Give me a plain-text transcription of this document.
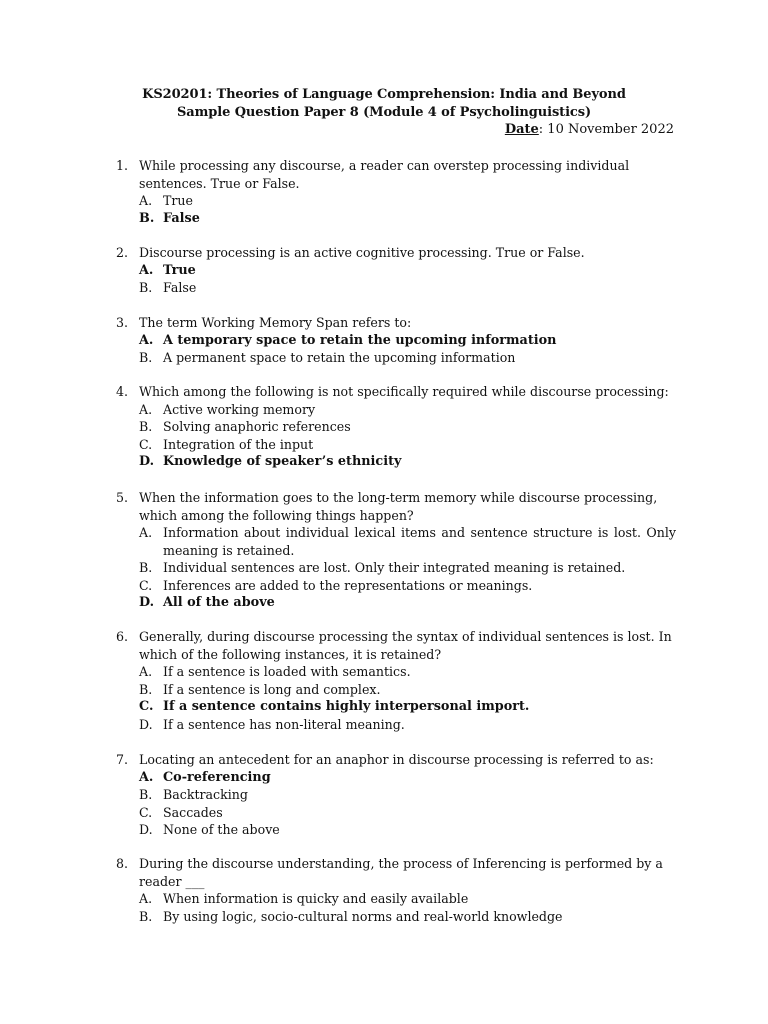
KS20201: Theories of Language Comprehension: India and Beyond
Sample Question Paper 8 (Module 4 of Psycholinguistics)
Date: 10 November 2022
1. While processing any discourse, a reader can overstep processing individual sentences. True or False.
A. True
B. False
2. Discourse processing is an active cognitive processing. True or False.
A. True
B. False
3. The term Working Memory Span refers to:
A. A temporary space to retain the upcoming information
B. A permanent space to retain the upcoming information
4. Which among the following is not specifically required while discourse processing:
A. Active working memory
B. Solving anaphoric references
C. Integration of the input
D. Knowledge of speaker’s ethnicity
5. When the information goes to the long-term memory while discourse processing, which among the following things happen?
A. Information about individual lexical items and sentence structure is lost. Only meaning is retained.
B. Individual sentences are lost. Only their integrated meaning is retained.
C. Inferences are added to the representations or meanings.
D. All of the above
6. Generally, during discourse processing the syntax of individual sentences is lost. In which of the following instances, it is retained?
A. If a sentence is loaded with semantics.
B. If a sentence is long and complex.
C. If a sentence contains highly interpersonal import.
D. If a sentence has non-literal meaning.
7. Locating an antecedent for an anaphor in discourse processing is referred to as:
A. Co-referencing
B. Backtracking
C. Saccades
D. None of the above
8. During the discourse understanding, the process of Inferencing is performed by a reader ___
A. When information is quicky and easily available
B. By using logic, socio-cultural norms and real-world knowledge
